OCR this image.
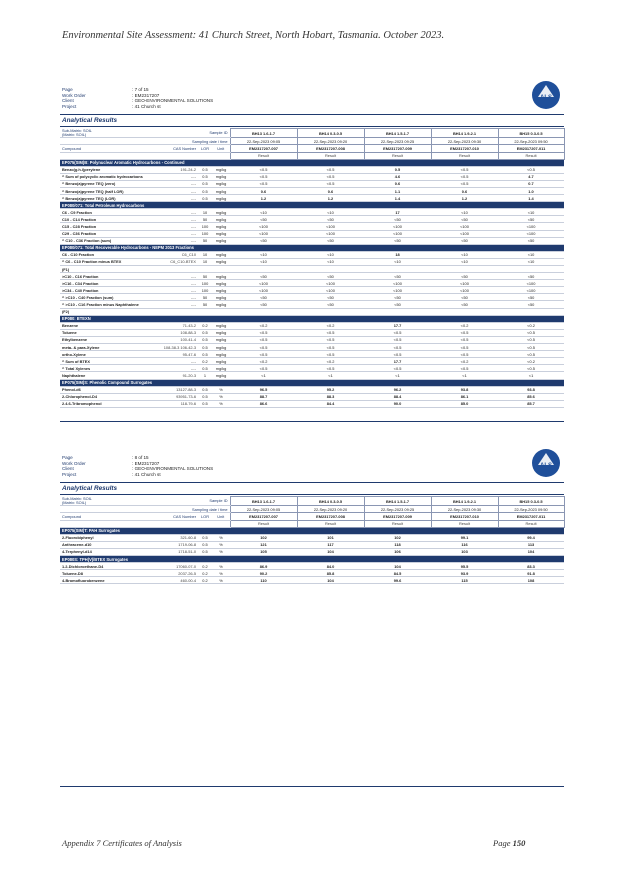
Environmental Site Assessment: 41 Church Street, North Hobart, Tasmania. October 2023.
Page	: 7 of 15
Work Order	: EM2317207
Client	: GEO-ENVIRONMENTAL SOLUTIONS
Project	: 41 Church st
ALS
Analytical Results
Sub-Matrix: SOIL
(Matrix: SOIL)		Sample ID		BH13 1.6-1.7	BH14 0.3-0.5	BH14 1.5-1.7	BH14 1.9-2.1	BH15 0.3-0.5
Sampling date / time				22-Sep-2023 09:05	22-Sep-2023 09:20	22-Sep-2023 09:25	22-Sep-2023 09:30	22-Sep-2023 09:50
Compound	CAS Number	LOR	Unit	EM2317207-007	EM2317207-008	EM2317207-009	EM2317207-010	EM2317207-011
				Result	Result	Result	Result	Result
EP075(SIM)B: Polynuclear Aromatic Hydrocarbons - Continued								
Benzo(g.h.i)perylene	191-24-2	0.5	mg/kg	<0.5	<0.5	0.5	<0.5	<0.5
^ Sum of polycyclic aromatic hydrocarbons	----	0.5	mg/kg	<0.5	<0.5	4.6	<0.5	4.7
^ Benzo(a)pyrene TEQ (zero)	----	0.5	mg/kg	<0.5	<0.5	0.6	<0.5	0.7
^ Benzo(a)pyrene TEQ (half LOR)	----	0.5	mg/kg	0.6	0.6	1.1	0.6	1.0
^ Benzo(a)pyrene TEQ (LOR)	----	0.5	mg/kg	1.2	1.2	1.4	1.2	1.4
EP080/071: Total Petroleum Hydrocarbons								
C6 - C9 Fraction	----	10	mg/kg	<10	<10	17	<10	<10
C10 - C14 Fraction	----	50	mg/kg	<50	<50	<50	<50	<50
C15 - C28 Fraction	----	100	mg/kg	<100	<100	<100	<100	<100
C29 - C36 Fraction	----	100	mg/kg	<100	<100	<100	<100	<100
^ C10 - C36 Fraction (sum)	----	50	mg/kg	<50	<50	<50	<50	<50
EP080/071: Total Recoverable Hydrocarbons - NEPM 2013 Fractions								
C6 - C10 Fraction	C6_C10	10	mg/kg	<10	<10	18	<10	<10
^ C6 - C10 Fraction minus BTEX	C6_C10-BTEX	10	mg/kg	<10	<10	<10	<10	<10
(F1)								
>C10 - C16 Fraction	----	50	mg/kg	<50	<50	<50	<50	<50
>C16 - C34 Fraction	----	100	mg/kg	<100	<100	<100	<100	<100
>C34 - C40 Fraction	----	100	mg/kg	<100	<100	<100	<100	<100
^ >C10 - C40 Fraction (sum)	----	50	mg/kg	<50	<50	<50	<50	<50
^ >C10 - C16 Fraction minus Naphthalene	----	50	mg/kg	<50	<50	<50	<50	<50
(F2)								
EP080: BTEXN								
Benzene	71-43-2	0.2	mg/kg	<0.2	<0.2	17.7	<0.2	<0.2
Toluene	108-88-3	0.5	mg/kg	<0.5	<0.5	<0.5	<0.5	<0.5
Ethylbenzene	100-41-4	0.5	mg/kg	<0.5	<0.5	<0.5	<0.5	<0.5
meta- & para-Xylene	108-38-3 106-42-3	0.5	mg/kg	<0.5	<0.5	<0.5	<0.5	<0.5
ortho-Xylene	95-47-6	0.5	mg/kg	<0.5	<0.5	<0.5	<0.5	<0.5
^ Sum of BTEX	----	0.2	mg/kg	<0.2	<0.2	17.7	<0.2	<0.2
^ Total Xylenes	----	0.5	mg/kg	<0.5	<0.5	<0.5	<0.5	<0.5
Naphthalene	91-20-3	1	mg/kg	<1	<1	<1	<1	<1
EP075(SIM)S: Phenolic Compound Surrogates								
Phenol-d6	13127-88-3	0.5	%	96.5	95.2	96.2	93.8	93.8
2-Chlorophenol-D4	93951-73-6	0.5	%	88.7	88.3	88.4	86.1	85.6
2.4.6-Tribromophenol	118-79-6	0.5	%	86.6	84.4	90.0	85.0	85.7
Page	: 8 of 15
Work Order	: EM2317207
Client	: GEO-ENVIRONMENTAL SOLUTIONS
Project	: 41 Church st
ALS
Analytical Results
Sub-Matrix: SOIL
(Matrix: SOIL)		Sample ID		BH13 1.6-1.7	BH14 0.3-0.5	BH14 1.5-1.7	BH14 1.9-2.1	BH15 0.3-0.5
Sampling date / time				22-Sep-2023 09:05	22-Sep-2023 09:20	22-Sep-2023 09:25	22-Sep-2023 09:30	22-Sep-2023 09:50
Compound	CAS Number	LOR	Unit	EM2317207-007	EM2317207-008	EM2317207-009	EM2317207-010	EM2317207-011
				Result	Result	Result	Result	Result
EP075(SIM)T: PAH Surrogates								
2-Fluorobiphenyl	321-60-8	0.5	%	102	101	102	99.1	99.4
Anthracene-d10	1719-06-8	0.5	%	121	117	118	116	113
4-Terphenyl-d14	1718-51-0	0.5	%	105	104	106	103	104
EP080S: TPH(V)/BTEX Surrogates								
1.2-Dichloroethane-D4	17060-07-0	0.2	%	86.9	84.0	104	95.5	83.3
Toluene-D8	2037-26-5	0.2	%	90.2	85.8	84.5	93.9	91.8
4-Bromofluorobenzene	460-00-4	0.2	%	110	104	99.6	115	108
Appendix 7 Certificates of Analysis	Page 150
